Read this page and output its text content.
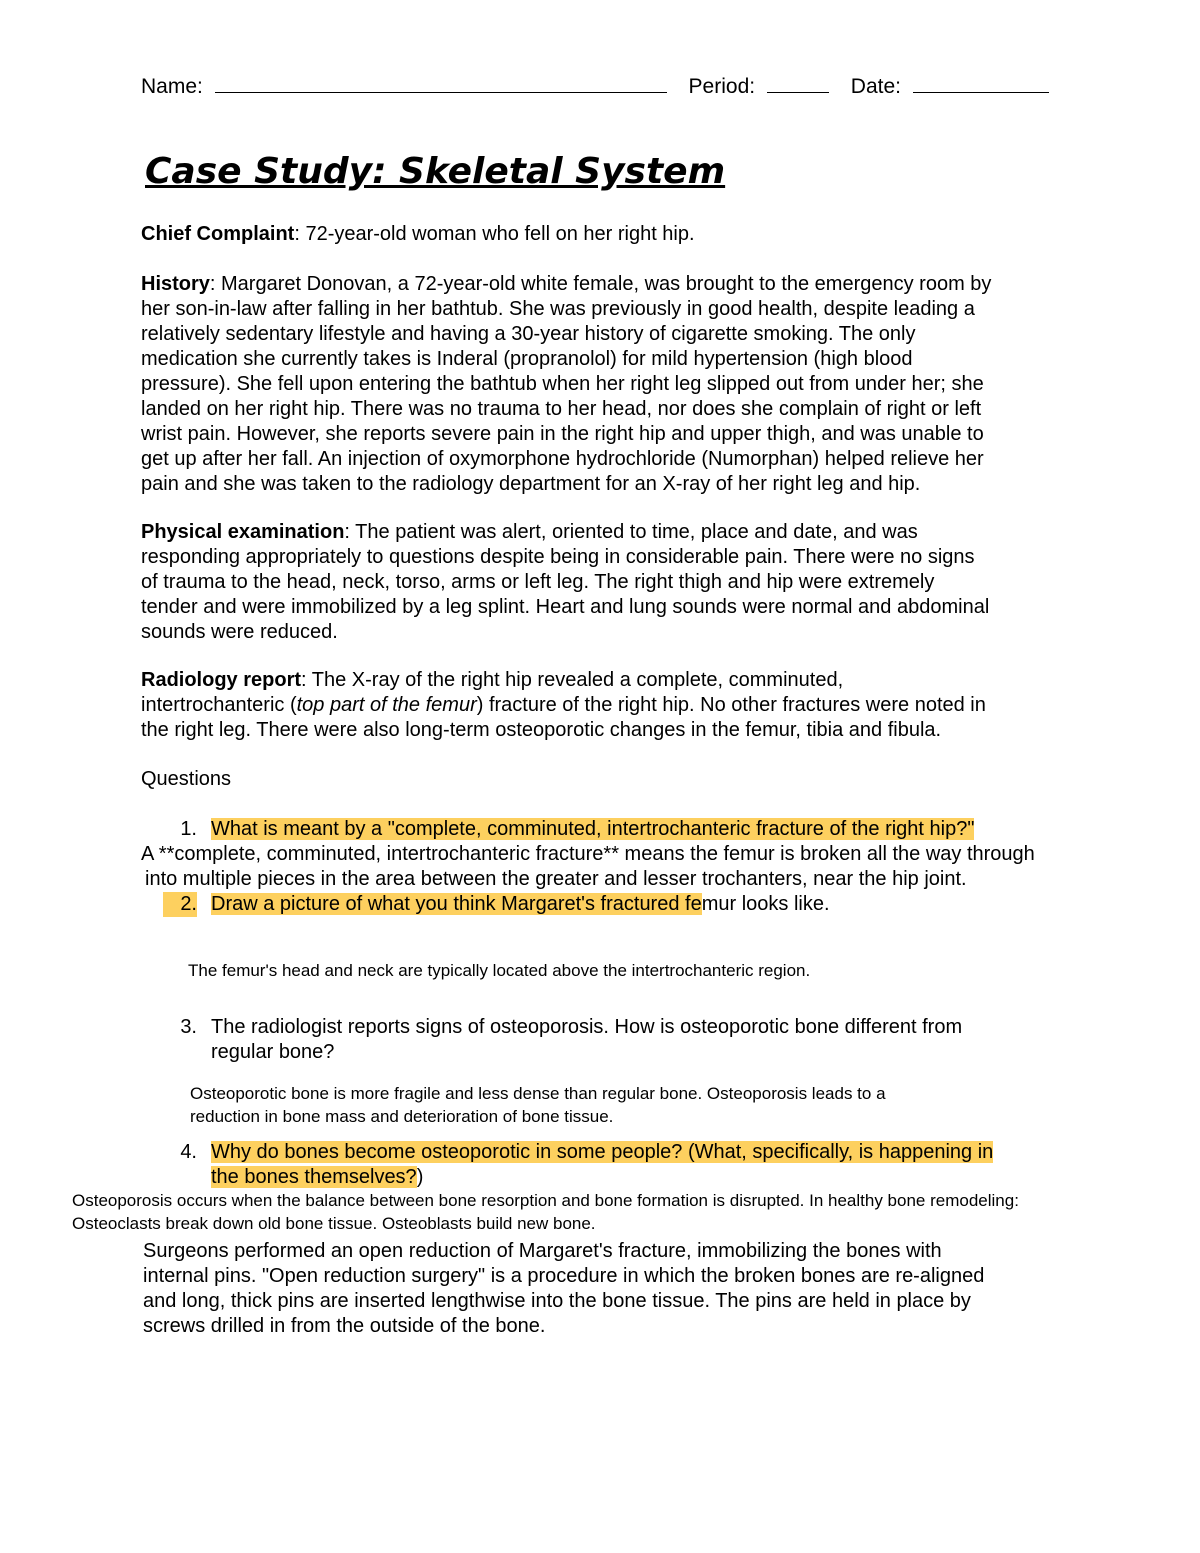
Name:	Period:	Date:
Case Study: Skeletal System
Chief Complaint: 72-year-old woman who fell on her right hip.
History: Margaret Donovan, a 72-year-old white female, was brought to the emergency room by
her son-in-law after falling in her bathtub. She was previously in good health, despite leading a
relatively sedentary lifestyle and having a 30-year history of cigarette smoking. The only
medication she currently takes is Inderal (propranolol) for mild hypertension (high blood
pressure). She fell upon entering the bathtub when her right leg slipped out from under her; she
landed on her right hip. There was no trauma to her head, nor does she complain of right or left
wrist pain. However, she reports severe pain in the right hip and upper thigh, and was unable to
get up after her fall. An injection of oxymorphone hydrochloride (Numorphan) helped relieve her
pain and she was taken to the radiology department for an X-ray of her right leg and hip.
Physical examination: The patient was alert, oriented to time, place and date, and was
responding appropriately to questions despite being in considerable pain. There were no signs
of trauma to the head, neck, torso, arms or left leg. The right thigh and hip were extremely
tender and were immobilized by a leg splint. Heart and lung sounds were normal and abdominal
sounds were reduced.
Radiology report: The X-ray of the right hip revealed a complete, comminuted,
intertrochanteric (top part of the femur) fracture of the right hip. No other fractures were noted in
the right leg. There were also long-term osteoporotic changes in the femur, tibia and fibula.
Questions
1. What is meant by a "complete, comminuted, intertrochanteric fracture of the right hip?"
A **complete, comminuted, intertrochanteric fracture** means the femur is broken all the way through
into multiple pieces in the area between the greater and lesser trochanters, near the hip joint.
2. Draw a picture of what you think Margaret's fractured femur looks like.
The femur's head and neck are typically located above the intertrochanteric region.
3. The radiologist reports signs of osteoporosis. How is osteoporotic bone different from
regular bone?
Osteoporotic bone is more fragile and less dense than regular bone. Osteoporosis leads to a
reduction in bone mass and deterioration of bone tissue.
4. Why do bones become osteoporotic in some people? (What, specifically, is happening in
the bones themselves?)
Osteoporosis occurs when the balance between bone resorption and bone formation is disrupted. In healthy bone remodeling:
Osteoclasts break down old bone tissue. Osteoblasts build new bone.
Surgeons performed an open reduction of Margaret's fracture, immobilizing the bones with
internal pins. "Open reduction surgery" is a procedure in which the broken bones are re-aligned
and long, thick pins are inserted lengthwise into the bone tissue. The pins are held in place by
screws drilled in from the outside of the bone.
